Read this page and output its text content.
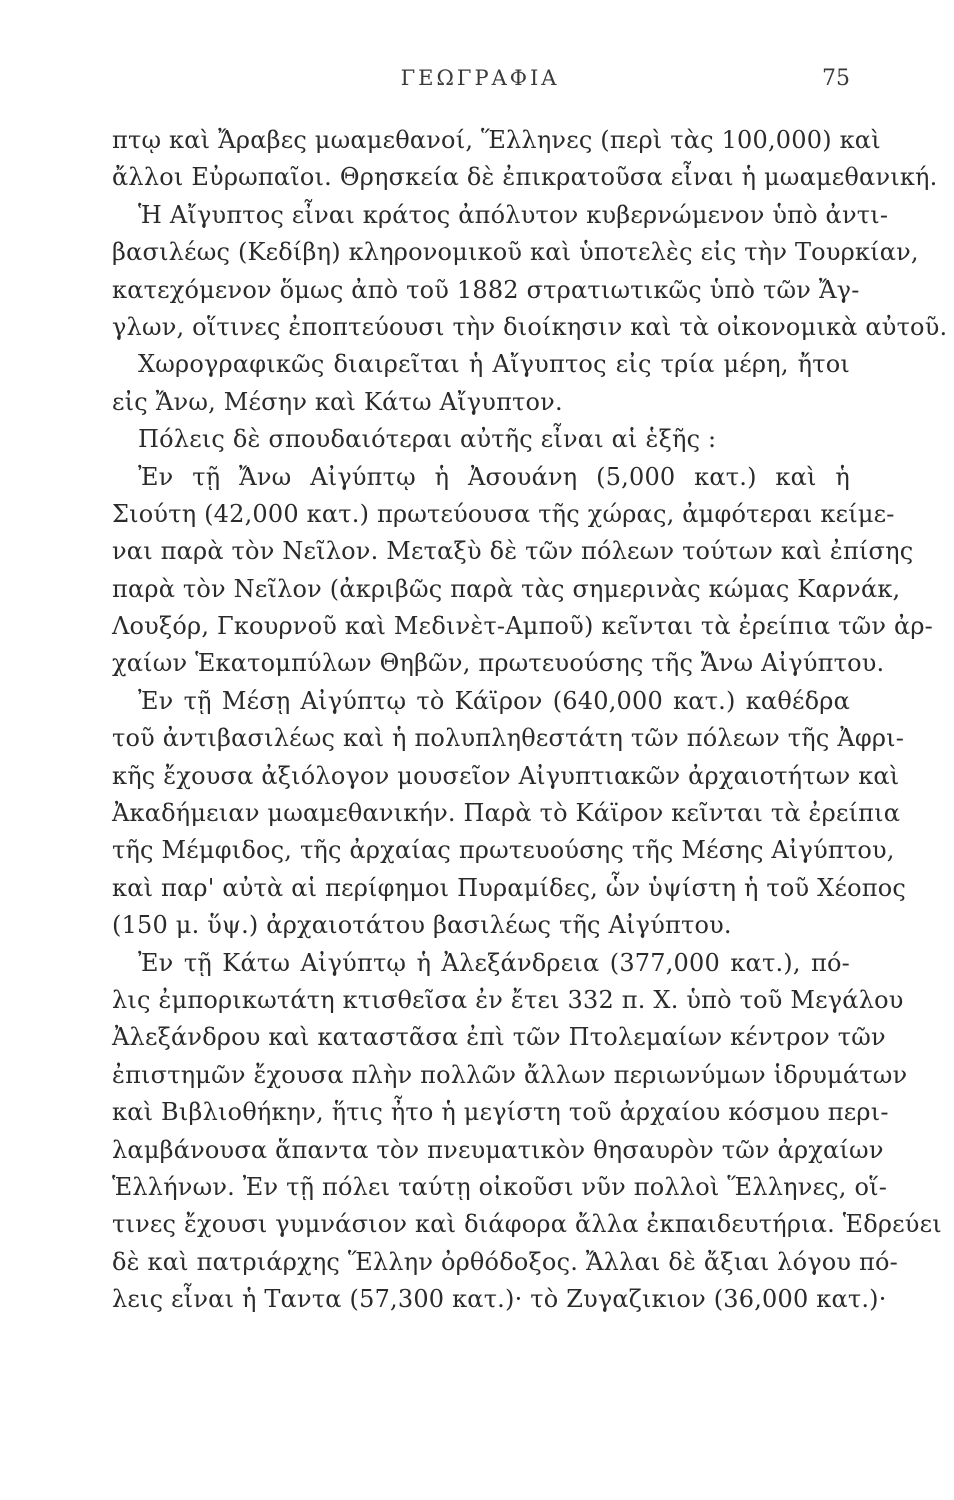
ΓΕΩΓΡΑΦΙΑ	75
πτῳ καὶ Ἄραβες μωαμεθανοί, Ἕλληνες (περὶ τὰς 100,000) καὶ
ἄλλοι Εὐρωπαῖοι. Θρησκεία δὲ ἐπικρατοῦσα εἶναι ἡ μωαμεθανική.
Ἡ Αἴγυπτος εἶναι κράτος ἀπόλυτον κυβερνώμενον ὑπὸ ἀντι-
βασιλέως (Κεδίβη) κληρονομικοῦ καὶ ὑποτελὲς εἰς τὴν Τουρκίαν,
κατεχόμενον ὅμως ἀπὸ τοῦ 1882 στρατιωτικῶς ὑπὸ τῶν Ἄγ-
γλων, οἵτινες ἐποπτεύουσι τὴν διοίκησιν καὶ τὰ οἰκονομικὰ αὐτοῦ.
Χωρογραφικῶς διαιρεῖται ἡ Αἴγυπτος εἰς τρία μέρη, ἤτοι
εἰς Ἄνω, Μέσην καὶ Κάτω Αἴγυπτον.
Πόλεις δὲ σπουδαιότεραι αὐτῆς εἶναι αἱ ἑξῆς :
Ἐν τῇ Ἄνω Αἰγύπτῳ ἡ Ἀσουάνη (5,000 κατ.) καὶ ἡ
Σιούτη (42,000 κατ.) πρωτεύουσα τῆς χώρας, ἀμφότεραι κείμε-
ναι παρὰ τὸν Νεῖλον. Μεταξὺ δὲ τῶν πόλεων τούτων καὶ ἐπίσης
παρὰ τὸν Νεῖλον (ἀκριβῶς παρὰ τὰς σημερινὰς κώμας Καρνάκ,
Λουξόρ, Γκουρνοῦ καὶ Μεδινὲτ-Αμποῦ) κεῖνται τὰ ἐρείπια τῶν ἀρ-
χαίων Ἑκατομπύλων Θηβῶν, πρωτευούσης τῆς Ἄνω Αἰγύπτου.
Ἐν τῇ Μέσῃ Αἰγύπτῳ τὸ Κάϊρον (640,000 κατ.) καθέδρα
τοῦ ἀντιβασιλέως καὶ ἡ πολυπληθεστάτη τῶν πόλεων τῆς Ἀφρι-
κῆς ἔχουσα ἀξιόλογον μουσεῖον Αἰγυπτιακῶν ἀρχαιοτήτων καὶ
Ἀκαδήμειαν μωαμεθανικήν. Παρὰ τὸ Κάϊρον κεῖνται τὰ ἐρείπια
τῆς Μέμφιδος, τῆς ἀρχαίας πρωτευούσης τῆς Μέσης Αἰγύπτου,
καὶ παρ' αὐτὰ αἱ περίφημοι Πυραμίδες, ὧν ὑψίστη ἡ τοῦ Χέοπος
(150 μ. ὕψ.) ἀρχαιοτάτου βασιλέως τῆς Αἰγύπτου.
Ἐν τῇ Κάτω Αἰγύπτῳ ἡ Ἀλεξάνδρεια (377,000 κατ.), πό-
λις ἐμπορικωτάτη κτισθεῖσα ἐν ἔτει 332 π. Χ. ὑπὸ τοῦ Μεγάλου
Ἀλεξάνδρου καὶ καταστᾶσα ἐπὶ τῶν Πτολεμαίων κέντρον τῶν
ἐπιστημῶν ἔχουσα πλὴν πολλῶν ἄλλων περιωνύμων ἱδρυμάτων
καὶ Βιβλιοθήκην, ἥτις ἦτο ἡ μεγίστη τοῦ ἀρχαίου κόσμου περι-
λαμβάνουσα ἅπαντα τὸν πνευματικὸν θησαυρὸν τῶν ἀρχαίων
Ἑλλήνων. Ἐν τῇ πόλει ταύτῃ οἰκοῦσι νῦν πολλοὶ Ἕλληνες, οἵ-
τινες ἔχουσι γυμνάσιον καὶ διάφορα ἄλλα ἐκπαιδευτήρια. Ἑδρεύει
δὲ καὶ πατριάρχης Ἕλλην ὀρθόδοξος. Ἄλλαι δὲ ἄξιαι λόγου πό-
λεις εἶναι ἡ Ταντα (57,300 κατ.)· τὸ Ζυγαζικιον (36,000 κατ.)·
